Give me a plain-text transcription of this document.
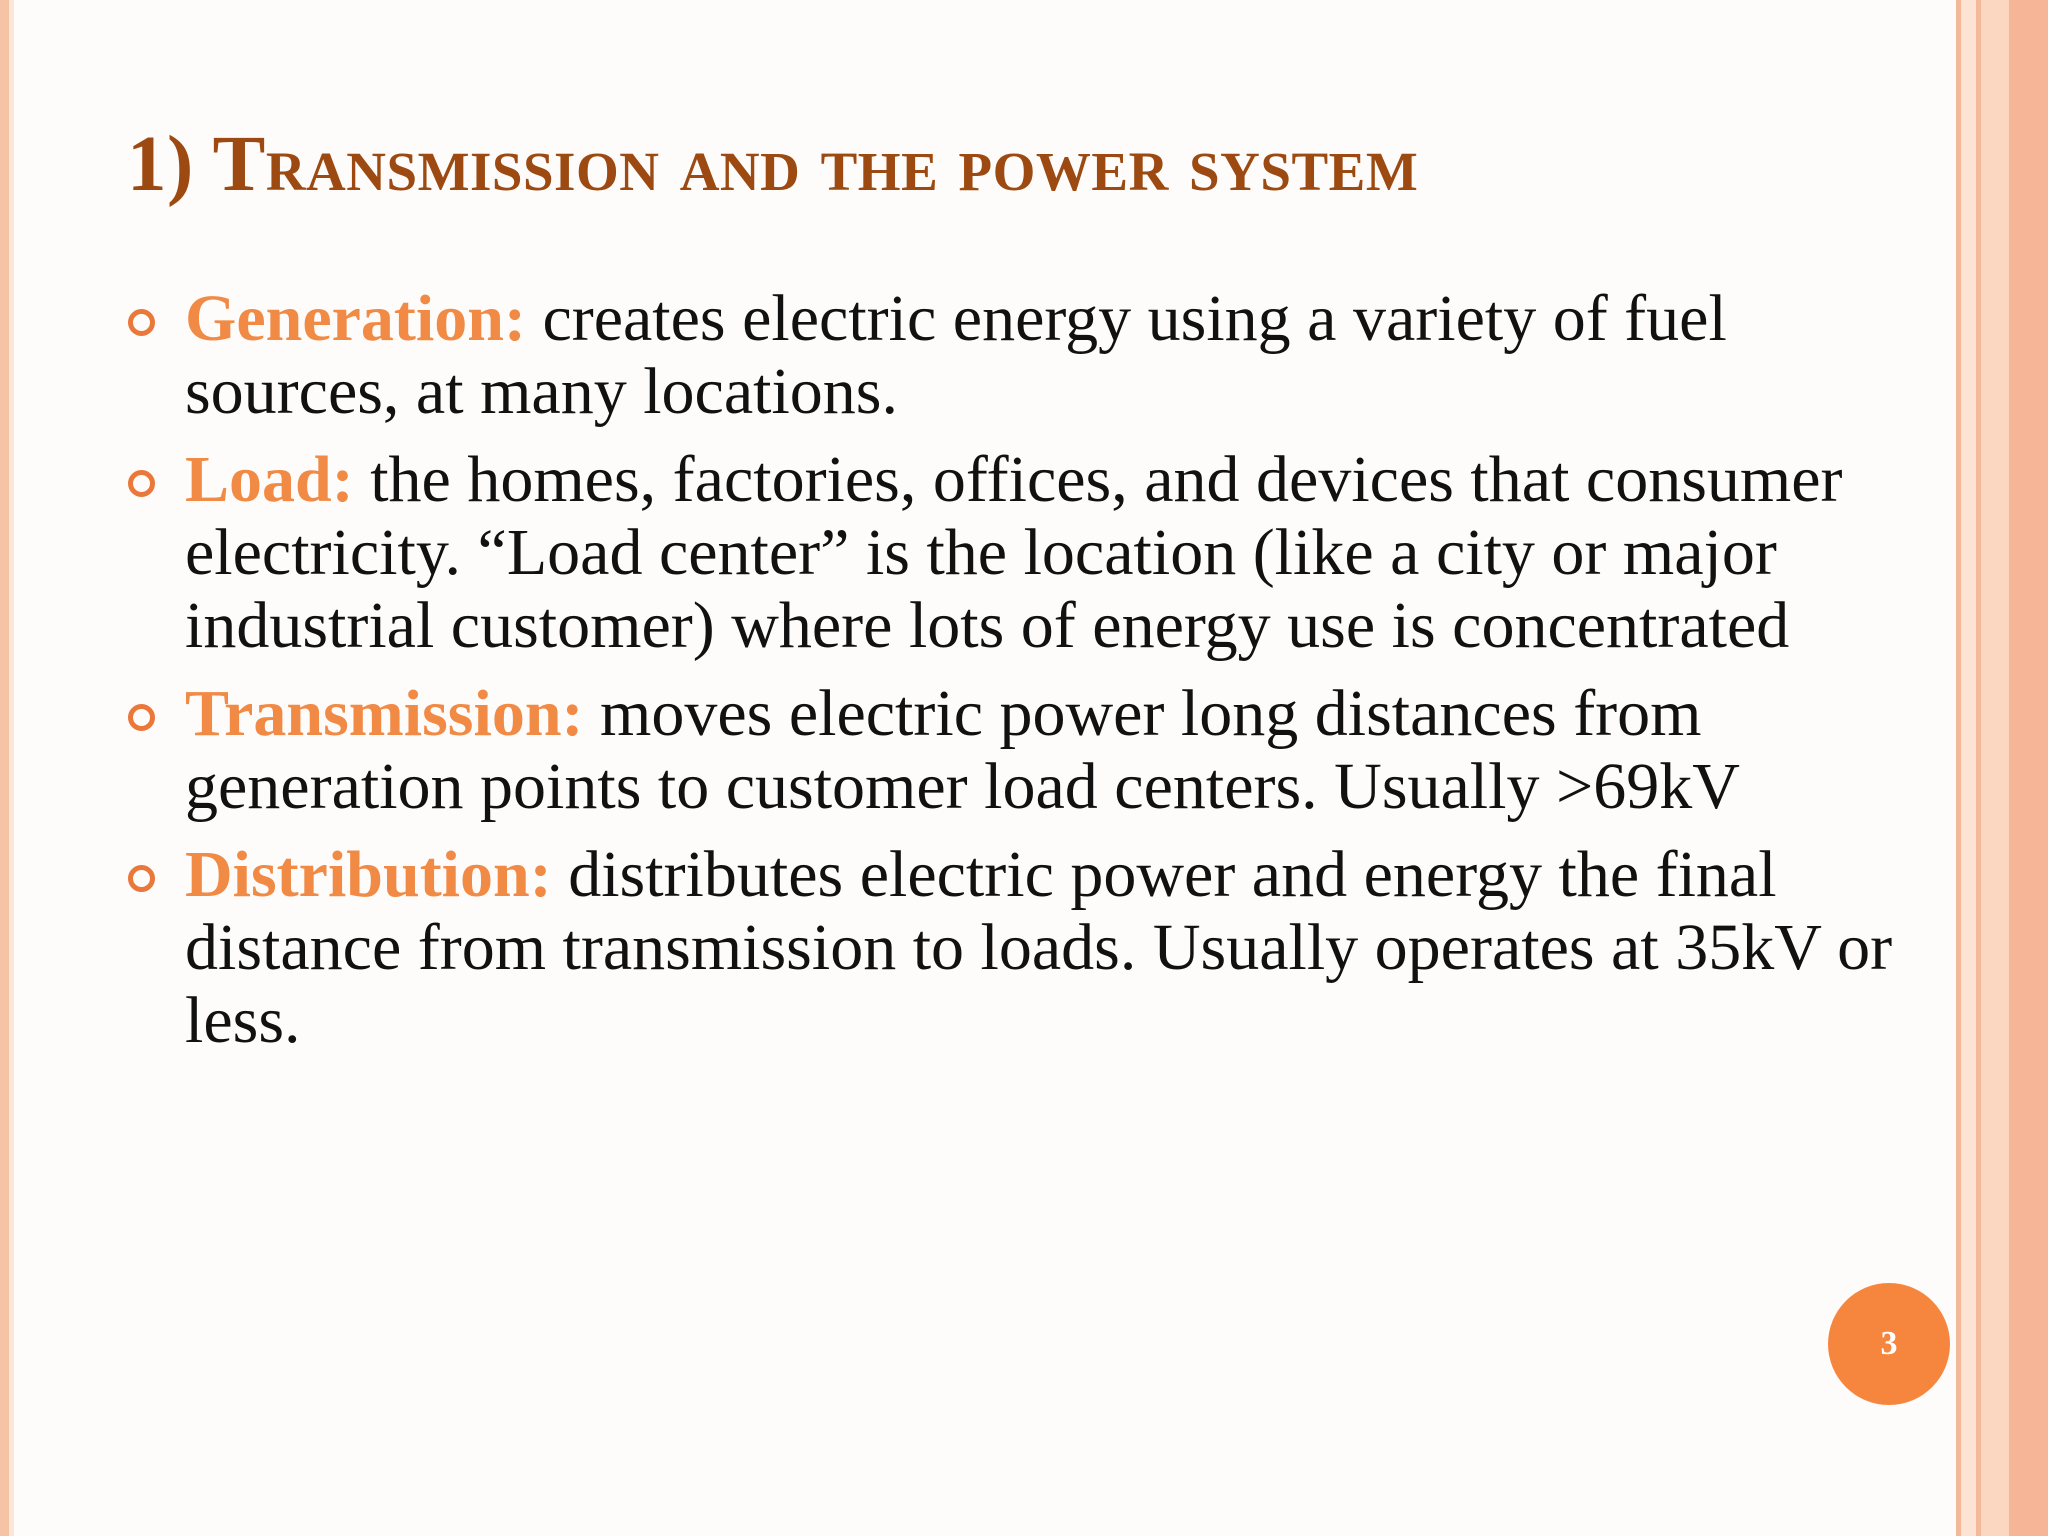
1) Transmission and the power system
Generation: creates electric energy using a variety of fuel sources, at many locations.
Load: the homes, factories, offices, and devices that consumer electricity. “Load center” is the location (like a city or major industrial customer) where lots of energy use is concentrated
Transmission: moves electric power long distances from generation points to customer load centers. Usually >69kV
Distribution: distributes electric power and energy the final distance from transmission to loads. Usually operates at 35kV or less.
3
